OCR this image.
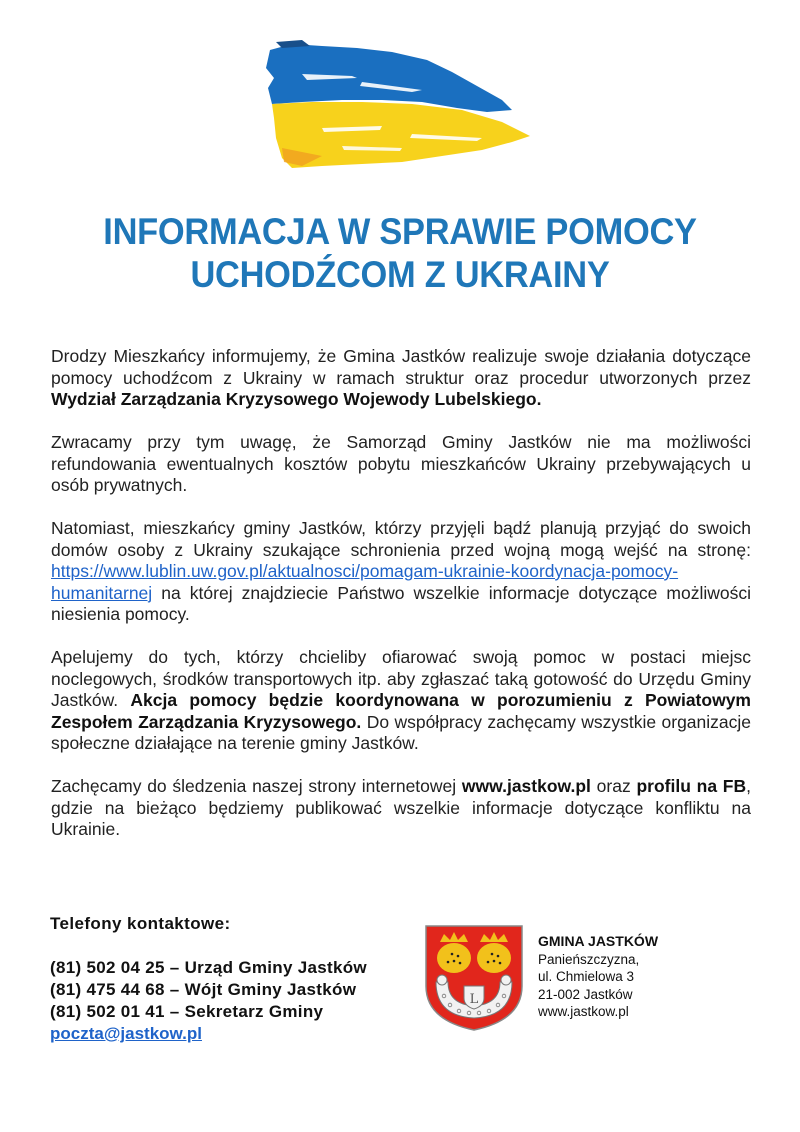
INFORMACJA W SPRAWIE POMOCY
UCHODŹCOM Z UKRAINY

Drodzy Mieszkańcy informujemy, że Gmina Jastków realizuje swoje działania dotyczące pomocy uchodźcom z Ukrainy w ramach struktur oraz procedur utworzonych przez Wydział Zarządzania Kryzysowego Wojewody Lubelskiego.

Zwracamy przy tym uwagę, że Samorząd Gminy Jastków nie ma możliwości refundowania ewentualnych kosztów pobytu mieszkańców Ukrainy przebywających u osób prywatnych.

Natomiast, mieszkańcy gminy Jastków, którzy przyjęli bądź planują przyjąć do swoich domów osoby z Ukrainy szukające schronienia przed wojną mogą wejść na stronę: https://www.lublin.uw.gov.pl/aktualnosci/pomagam-ukrainie-koordynacja-pomocy-humanitarnej na której znajdziecie Państwo wszelkie informacje dotyczące możliwości niesienia pomocy.

Apelujemy do tych, którzy chcieliby ofiarować swoją pomoc w postaci miejsc noclegowych, środków transportowych itp. aby zgłaszać taką gotowość do Urzędu Gminy Jastków. Akcja pomocy będzie koordynowana w porozumieniu z Powiatowym Zespołem Zarządzania Kryzysowego. Do współpracy zachęcamy wszystkie organizacje społeczne działające na terenie gminy Jastków.

Zachęcamy do śledzenia naszej strony internetowej www.jastkow.pl oraz profilu na FB, gdzie na bieżąco będziemy publikować wszelkie informacje dotyczące konfliktu na Ukrainie.

Telefony kontaktowe:
(81) 502 04 25 – Urząd Gminy Jastków
(81) 475 44 68 – Wójt Gminy Jastków
(81) 502 01 41 – Sekretarz Gminy
poczta@jastkow.pl
L
GMINA JASTKÓW
Panieńszczyzna,
ul. Chmielowa 3
21-002 Jastków
www.jastkow.pl
